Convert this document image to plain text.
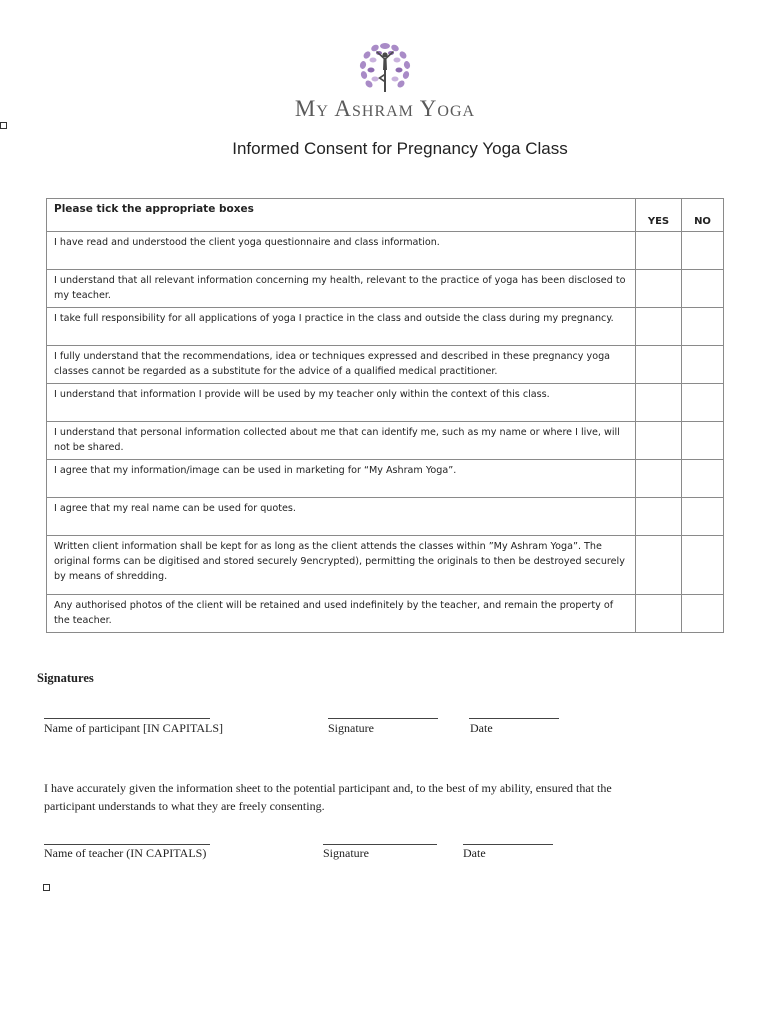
My Ashram Yoga
Informed Consent for Pregnancy Yoga Class
Please tick the appropriate boxes	YES	NO
I have read and understood the client yoga questionnaire and class information.		
I understand that all relevant information concerning my health, relevant to the practice of yoga has been disclosed to my teacher.		
I take full responsibility for all applications of yoga I practice in the class and outside the class during my pregnancy.		
I fully understand that the recommendations, idea or techniques expressed and described in these pregnancy yoga classes cannot be regarded as a substitute for the advice of a qualified medical practitioner.		
I understand that information I provide will be used by my teacher only within the context of this class.		
I understand that personal information collected about me that can identify me, such as my name or where I live, will not be shared.		
I agree that my information/image can be used in marketing for “My Ashram Yoga”.		
I agree that my real name can be used for quotes.		
Written client information shall be kept for as long as the client attends the classes within ”My Ashram Yoga”. The original forms can be digitised and stored securely 9encrypted), permitting the originals to then be destroyed securely by means of shredding.		
Any authorised photos of the client will be retained and used indefinitely by the teacher, and remain the property of the teacher.		
Signatures
Name of participant [IN CAPITALS]	Signature	Date
I have accurately given the information sheet to the potential participant and, to the best of my ability, ensured that the participant understands to what they are freely consenting.
Name of teacher (IN CAPITALS)	Signature	Date
